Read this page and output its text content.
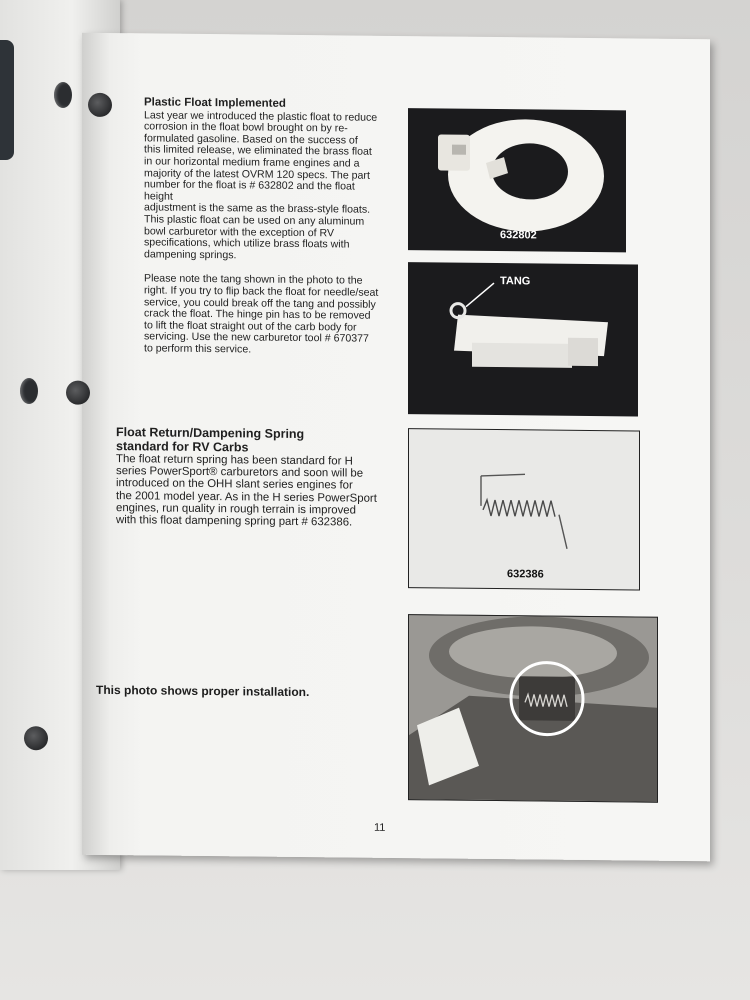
Plastic Float Implemented
Last year we introduced the plastic float to reduce
corrosion in the float bowl brought on by re-
formulated gasoline. Based on the success of
this limited release, we eliminated the brass float
in our horizontal medium frame engines and a
majority of the latest OVRM 120 specs. The part
number for the float is # 632802 and the float height
adjustment is the same as the brass-style floats.
This plastic float can be used on any aluminum
bowl carburetor with the exception of RV
specifications, which utilize brass floats with
dampening springs.
Please note the tang shown in the photo to the
right. If you try to flip back the float for needle/seat
service, you could break off the tang and possibly
crack the float. The hinge pin has to be removed
to lift the float straight out of the carb body for
servicing. Use the new carburetor tool # 670377
to perform this service.
Float Return/Dampening Spring
standard for RV Carbs
The float return spring has been standard for H
series PowerSport® carburetors and soon will be
introduced on the OHH slant series engines for
the 2001 model year. As in the H series PowerSport
engines, run quality in rough terrain is improved
with this float dampening spring part # 632386.
This photo shows proper installation.
632802
TANG
632386
11
